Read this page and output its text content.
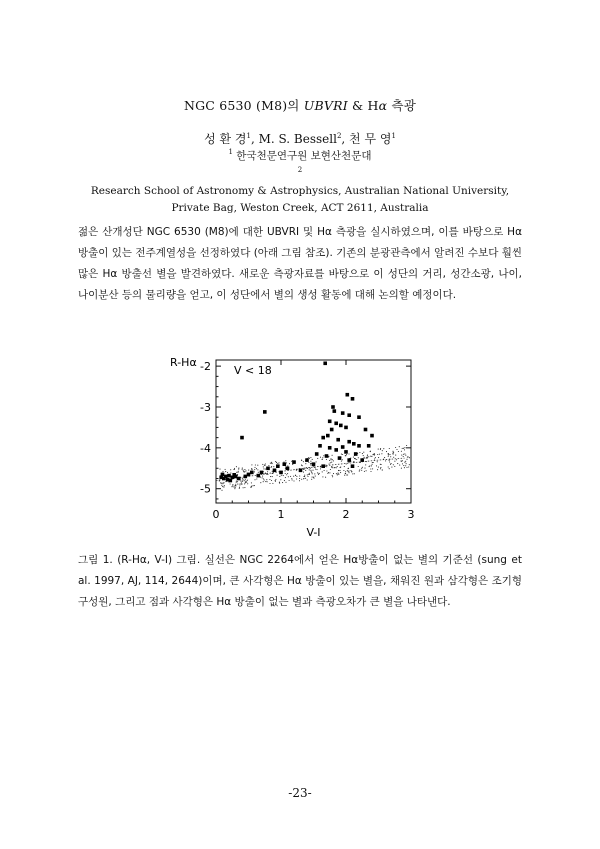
NGC 6530 (M8)의 UBVRI & Hα 측광
성 환 경$^1$, M. S. Bessell$^2$, 천 무 영$^1$
$^1$ 한국천문연구원 보현산천문대
$^2$
Research School of Astronomy & Astrophysics, Australian National University,
Private Bag, Weston Creek, ACT 2611, Australia
젊은 산개성단 NGC 6530 (M8)에 대한 UBVRI 및 Hα 측광을 실시하였으며, 이를 바탕으로 Hα 방출이 있는 전주계열성을 선정하였다 (아래 그림 참조). 기존의 분광관측에서 알려진 수보다 훨씬 많은 Hα 방출선 별을 발견하였다. 새로운 측광자료를 바탕으로 이 성단의 거리, 성간소광, 나이, 나이분산 등의 물리량을 얻고, 이 성단에서 별의 생성 활동에 대해 논의할 예정이다.
0	1	2	3
-2
-3
-4
-5
R-Hα
V < 18
V-I
그림 1. (R-Hα, V-I) 그림. 실선은 NGC 2264에서 얻은 Hα방출이 없는 별의 기준선 (sung et al. 1997, AJ, 114, 2644)이며, 큰 사각형은 Hα 방출이 있는 별을, 채워진 원과 삼각형은 조기형 구성원, 그리고 점과 사각형은 Hα 방출이 없는 별과 측광오차가 큰 별을 나타낸다.
-23-
